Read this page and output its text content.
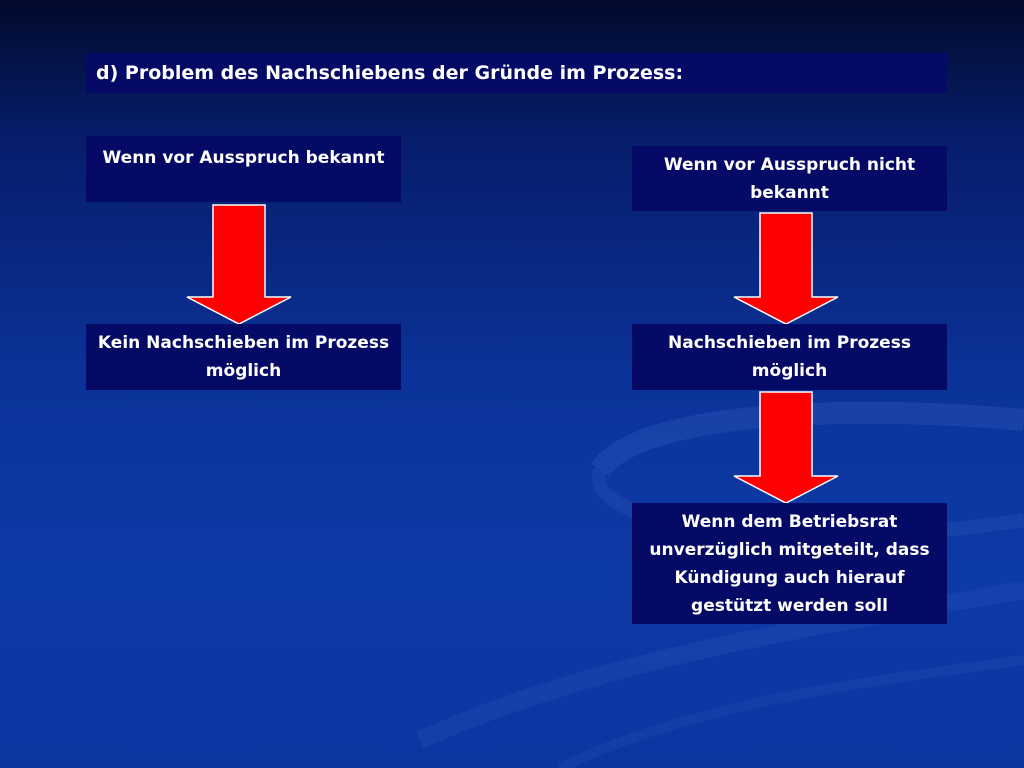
d) Problem des Nachschiebens der Gründe im Prozess:
Wenn vor Ausspruch bekannt
Kein Nachschieben im Prozess möglich
Wenn vor Ausspruch nicht bekannt
Nachschieben im Prozess möglich
Wenn dem Betriebsrat unverzüglich mitgeteilt, dass Kündigung auch hierauf gestützt werden soll
